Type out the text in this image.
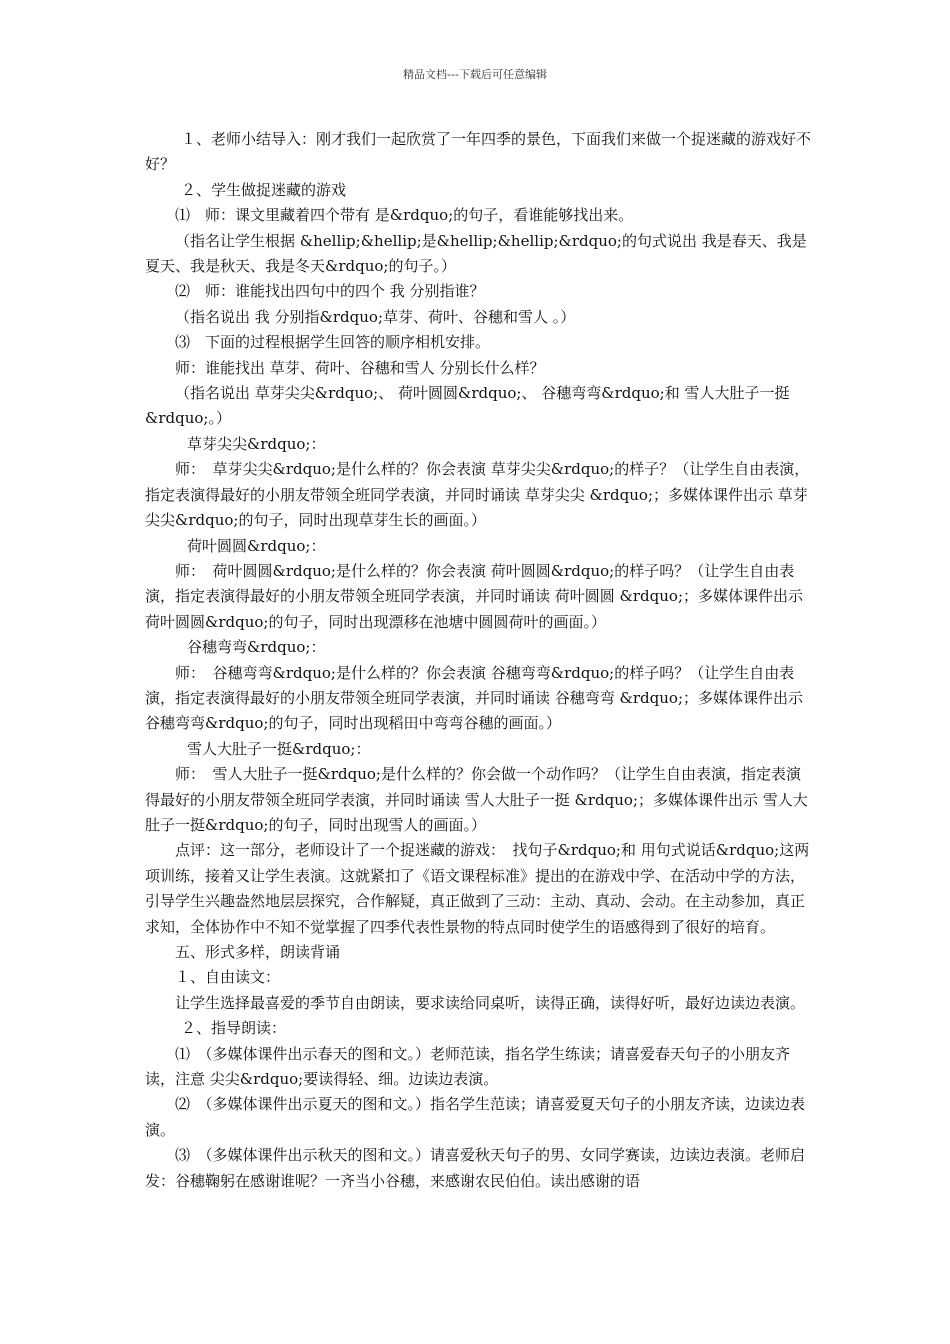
精品文档---下载后可任意编辑

１、老师小结导入：刚才我们一起欣赏了一年四季的景色，下面我们来做一个捉迷藏的游戏好不好？

２、学生做捉迷藏的游戏

⑴　师：课文里藏着四个带有 是&rdquo;的句子，看谁能够找出来。

（指名让学生根据 &hellip;&hellip;是&hellip;&hellip;&rdquo;的句式说出 我是春天、我是夏天、我是秋天、我是冬天&rdquo;的句子。）

⑵　师：谁能找出四句中的四个 我 分别指谁？

（指名说出 我 分别指&rdquo;草芽、荷叶、谷穗和雪人 。）

⑶　下面的过程根据学生回答的顺序相机安排。

师：谁能找出 草芽、荷叶、谷穗和雪人 分别长什么样？

（指名说出 草芽尖尖&rdquo;、 荷叶圆圆&rdquo;、 谷穗弯弯&rdquo;和 雪人大肚子一挺&rdquo;。）

草芽尖尖&rdquo;：

师：　草芽尖尖&rdquo;是什么样的？你会表演 草芽尖尖&rdquo;的样子？（让学生自由表演，指定表演得最好的小朋友带领全班同学表演，并同时诵读 草芽尖尖 &rdquo;；多媒体课件出示 草芽尖尖&rdquo;的句子，同时出现草芽生长的画面。）

荷叶圆圆&rdquo;：

师：　荷叶圆圆&rdquo;是什么样的？你会表演 荷叶圆圆&rdquo;的样子吗？（让学生自由表演，指定表演得最好的小朋友带领全班同学表演，并同时诵读 荷叶圆圆 &rdquo;；多媒体课件出示 荷叶圆圆&rdquo;的句子，同时出现漂移在池塘中圆圆荷叶的画面。）

谷穗弯弯&rdquo;：

师：　谷穗弯弯&rdquo;是什么样的？你会表演 谷穗弯弯&rdquo;的样子吗？（让学生自由表演，指定表演得最好的小朋友带领全班同学表演，并同时诵读 谷穗弯弯 &rdquo;；多媒体课件出示 谷穗弯弯&rdquo;的句子，同时出现稻田中弯弯谷穗的画面。）

雪人大肚子一挺&rdquo;：

师：　雪人大肚子一挺&rdquo;是什么样的？你会做一个动作吗？（让学生自由表演，指定表演得最好的小朋友带领全班同学表演，并同时诵读 雪人大肚子一挺 &rdquo;；多媒体课件出示 雪人大肚子一挺&rdquo;的句子，同时出现雪人的画面。）

点评：这一部分，老师设计了一个捉迷藏的游戏：　找句子&rdquo;和 用句式说话&rdquo;这两项训练，接着又让学生表演。这就紧扣了《语文课程标准》提出的在游戏中学、在活动中学的方法，引导学生兴趣盎然地层层探究，合作解疑，真正做到了三动：主动、真动、会动。在主动参加，真正求知，全体协作中不知不觉掌握了四季代表性景物的特点同时使学生的语感得到了很好的培育。

五、形式多样，朗读背诵

１、自由读文：

让学生选择最喜爱的季节自由朗读，要求读给同桌听，读得正确，读得好听，最好边读边表演。

２、指导朗读：

⑴　（多媒体课件出示春天的图和文。）老师范读，指名学生练读；请喜爱春天句子的小朋友齐读，注意 尖尖&rdquo;要读得轻、细。边读边表演。

⑵　（多媒体课件出示夏天的图和文。）指名学生范读；请喜爱夏天句子的小朋友齐读，边读边表演。

⑶　（多媒体课件出示秋天的图和文。）请喜爱秋天句子的男、女同学赛读，边读边表演。老师启发：谷穗鞠躬在感谢谁呢？一齐当小谷穗，来感谢农民伯伯。读出感谢的语
